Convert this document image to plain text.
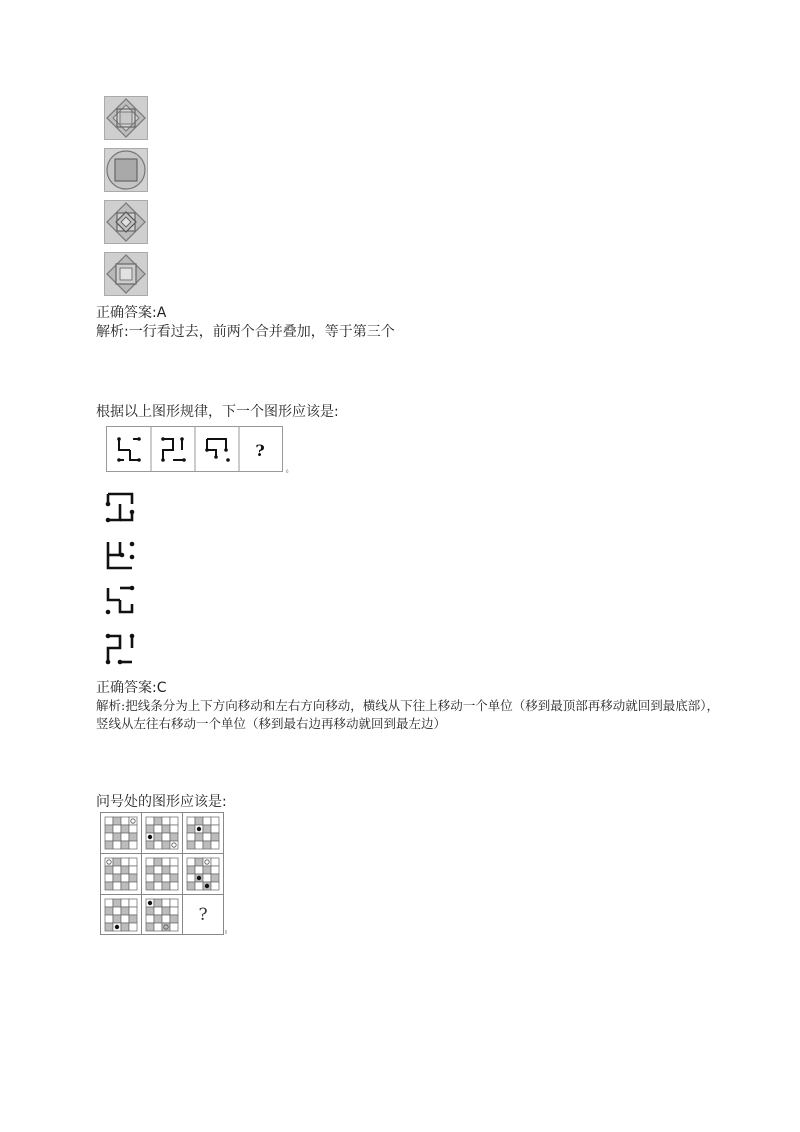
正确答案:A
解析:一行看过去，前两个合并叠加，等于第三个
根据以上图形规律，下一个图形应该是:
?
6
正确答案:C
解析:把线条分为上下方向移动和左右方向移动，横线从下往上移动一个单位（移到最顶部再移动就回到最底部），
竖线从左往右移动一个单位（移到最右边再移动就回到最左边）
问号处的图形应该是:
?
